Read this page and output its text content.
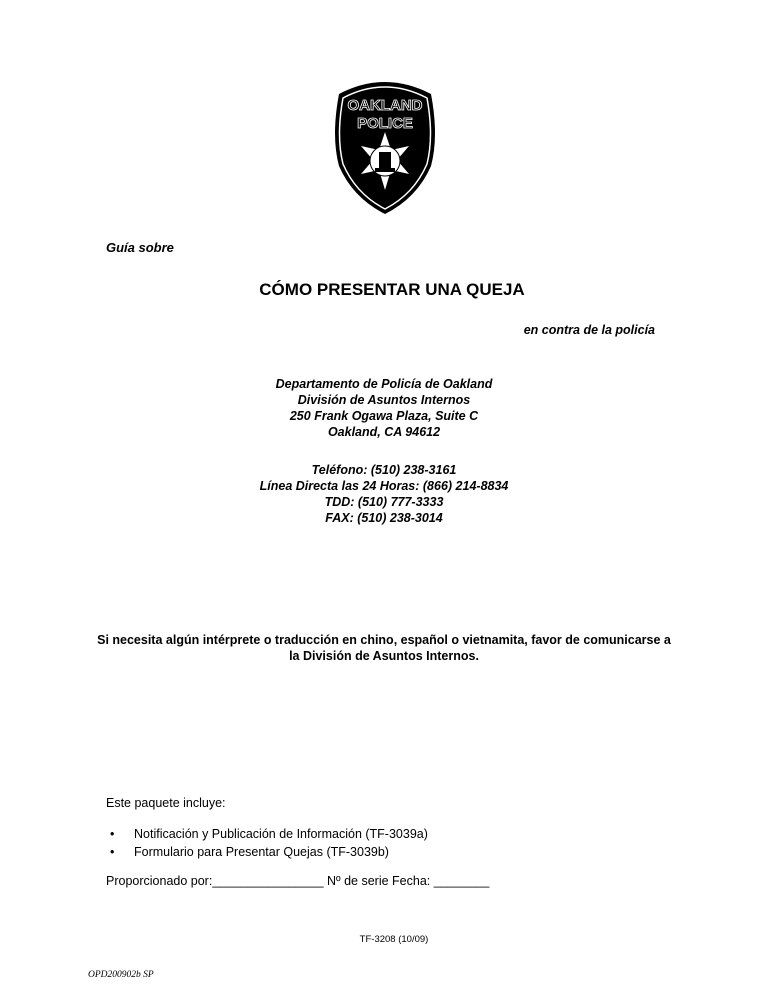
OAKLAND
POLICE
Guía sobre
CÓMO PRESENTAR UNA QUEJA
en contra de la policía
Departamento de Policía de Oakland
División de Asuntos Internos
250 Frank Ogawa Plaza, Suite C
Oakland, CA 94612
Teléfono: (510) 238-3161
Línea Directa las 24 Horas: (866) 214-8834
TDD: (510) 777-3333
FAX: (510) 238-3014
Si necesita algún intérprete o traducción en chino, español o vietnamita, favor de comunicarse a
la División de Asuntos Internos.
Este paquete incluye:
• Notificación y Publicación de Información (TF-3039a)
• Formulario para Presentar Quejas (TF-3039b)
Proporcionado por:________________ Nº de serie Fecha: ________
TF-3208 (10/09)
OPD200902b SP
